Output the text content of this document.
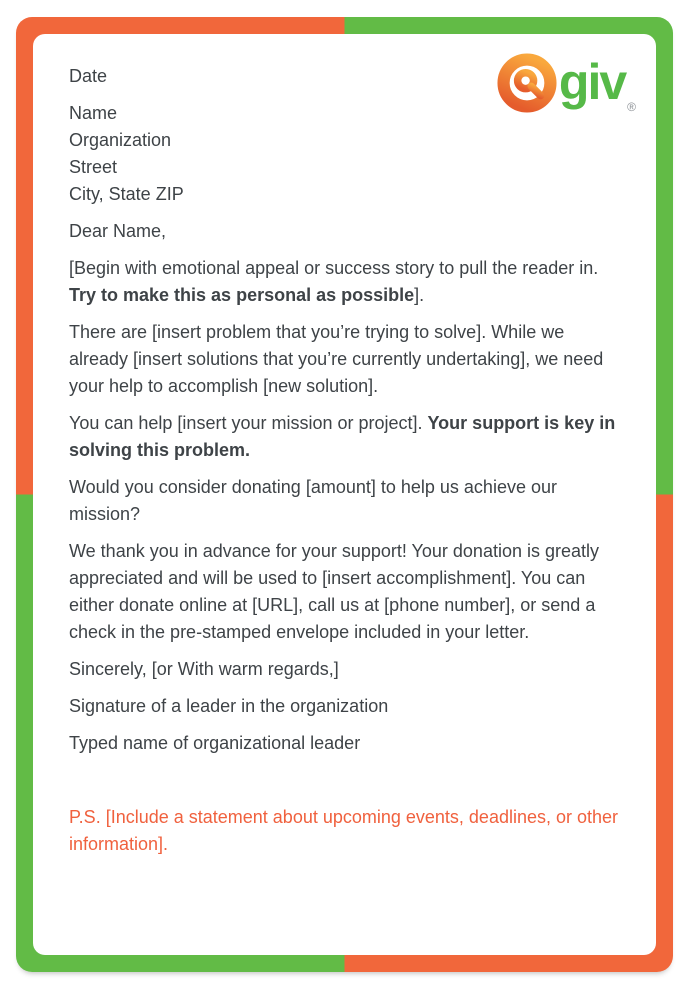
giv ®

Date

Name
Organization
Street
City, State ZIP

Dear Name,

[Begin with emotional appeal or success story to pull the reader in. Try to make this as personal as possible].

There are [insert problem that you’re trying to solve]. While we already [insert solutions that you’re currently undertaking], we need your help to accomplish [new solution].

You can help [insert your mission or project]. Your support is key in solving this problem.

Would you consider donating [amount] to help us achieve our mission?

We thank you in advance for your support! Your donation is greatly appreciated and will be used to [insert accomplishment]. You can either donate online at [URL], call us at [phone number], or send a check in the pre-stamped envelope included in your letter.

Sincerely, [or With warm regards,]

Signature of a leader in the organization

Typed name of organizational leader

P.S. [Include a statement about upcoming events, deadlines, or other information].
